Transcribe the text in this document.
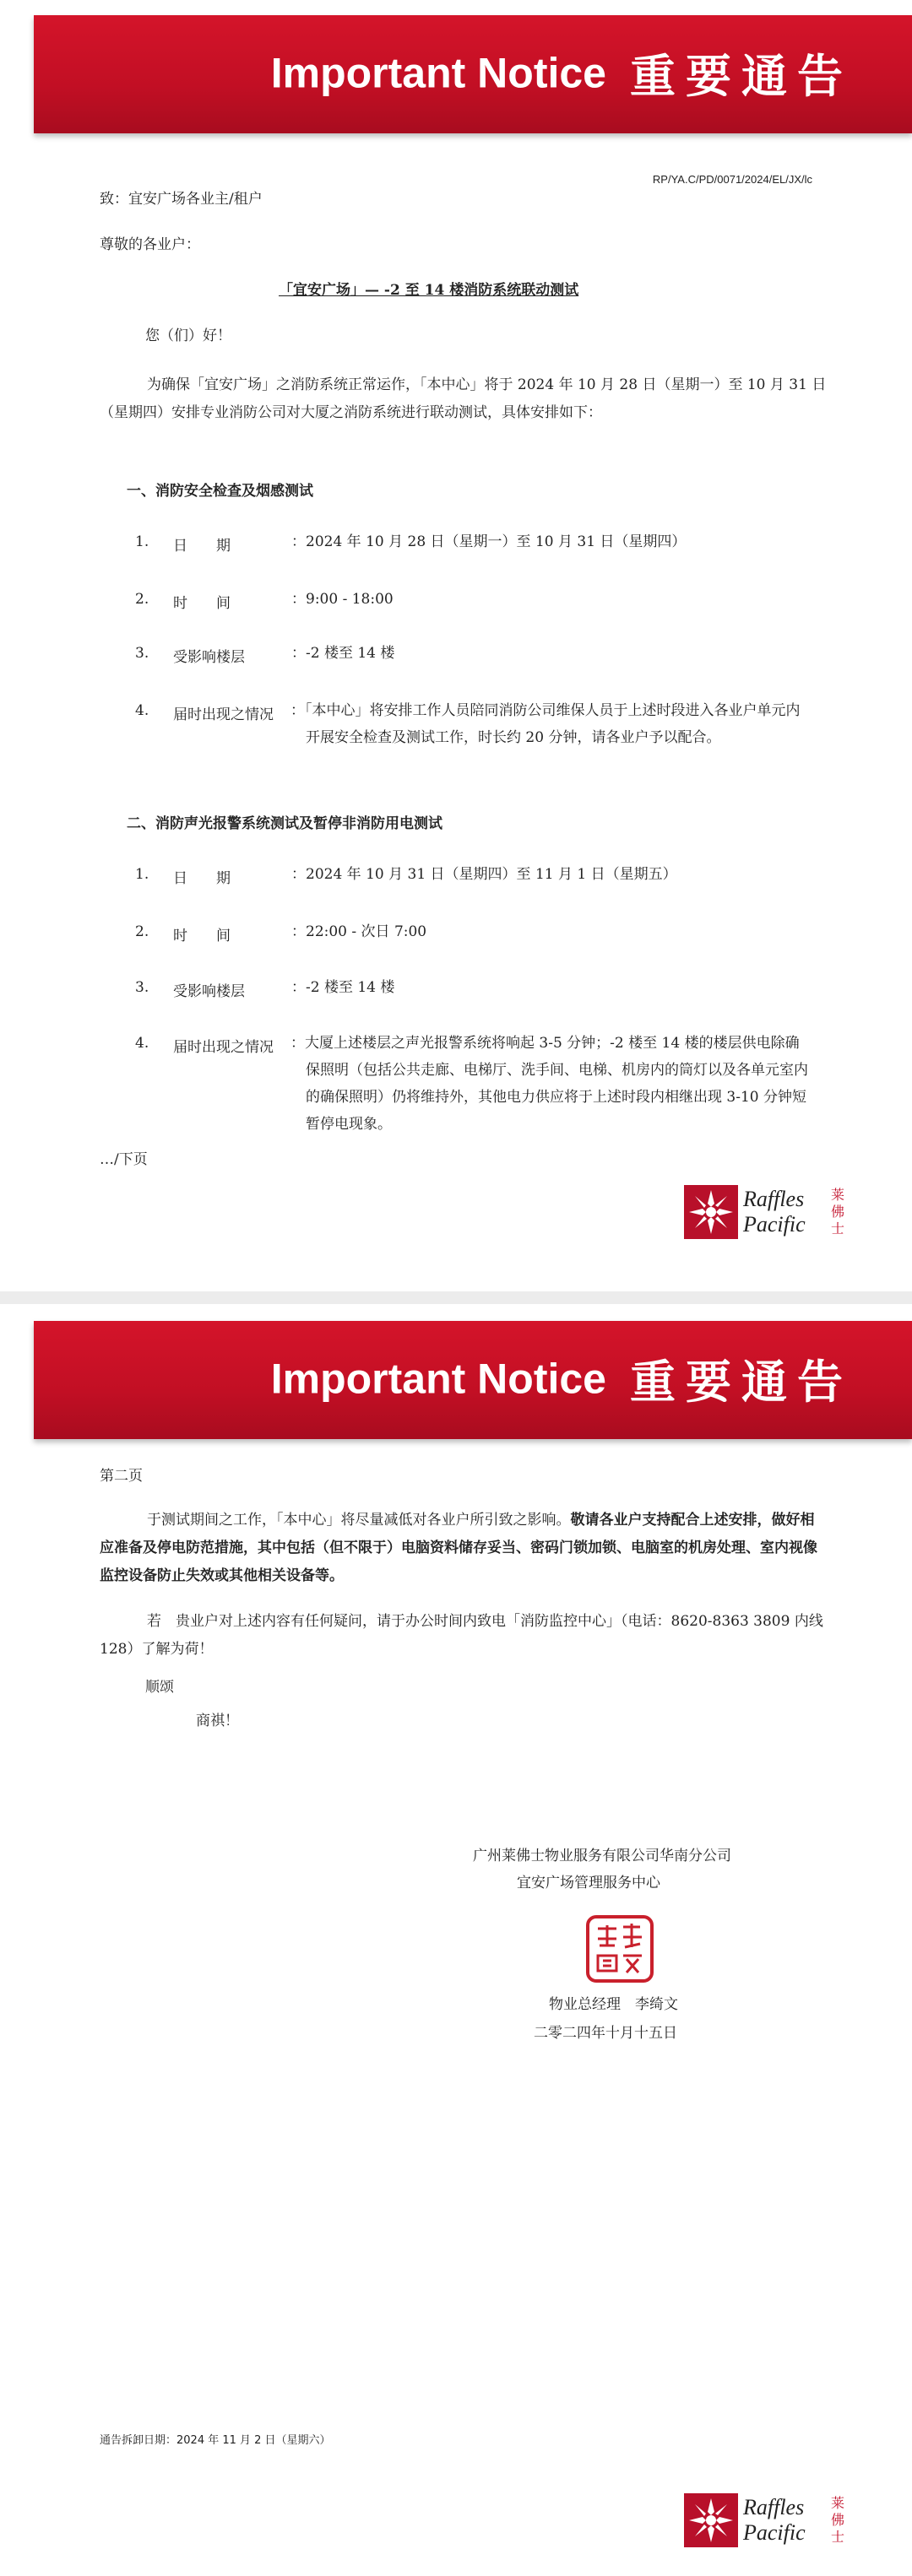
Important Notice 重要通告
RP/YA.C/PD/0071/2024/EL/JX/lc
致：宜安广场各业主/租户
尊敬的各业户：
「宜安广场」— -2 至 14 楼消防系统联动测试
您（们）好！
为确保「宜安广场」之消防系统正常运作，「本中心」将于 2024 年 10 月 28 日（星期一）至 10 月 31 日（星期四）安排专业消防公司对大厦之消防系统进行联动测试，具体安排如下：
一、消防安全检查及烟感测试
1. 日　　期	：2024 年 10 月 28 日（星期一）至 10 月 31 日（星期四）
2. 时　　间	：9:00 - 18:00
3. 受影响楼层	：-2 楼至 14 楼
4. 届时出现之情况 ：「本中心」将安排工作人员陪同消防公司维保人员于上述时段进入各业户单元内开展安全检查及测试工作，时长约 20 分钟，请各业户予以配合。
二、消防声光报警系统测试及暂停非消防用电测试
1. 日　　期	：2024 年 10 月 31 日（星期四）至 11 月 1 日（星期五）
2. 时　　间	：22:00 - 次日 7:00
3. 受影响楼层	：-2 楼至 14 楼
4. 届时出现之情况 ：大厦上述楼层之声光报警系统将响起 3-5 分钟；-2 楼至 14 楼的楼层供电除确保照明（包括公共走廊、电梯厅、洗手间、电梯、机房内的筒灯以及各单元室内的确保照明）仍将维持外，其他电力供应将于上述时段内相继出现 3-10 分钟短暂停电现象。
…/下页
Raffles
Pacific
莱佛士
Important Notice 重要通告
第二页
于测试期间之工作，「本中心」将尽量减低对各业户所引致之影响。敬请各业户支持配合上述安排，做好相应准备及停电防范措施，其中包括（但不限于）电脑资料储存妥当、密码门锁加锁、电脑室的机房处理、室内视像监控设备防止失效或其他相关设备等。
若　贵业户对上述内容有任何疑问，请于办公时间内致电「消防监控中心」（电话：8620-8363 3809 内线 128）了解为荷！
顺颂
商祺！
广州莱佛士物业服务有限公司华南分公司
宜安广场管理服务中心
物业总经理　李绮文
二零二四年十月十五日
通告拆卸日期：2024 年 11 月 2 日（星期六）
Raffles
Pacific
莱佛士
